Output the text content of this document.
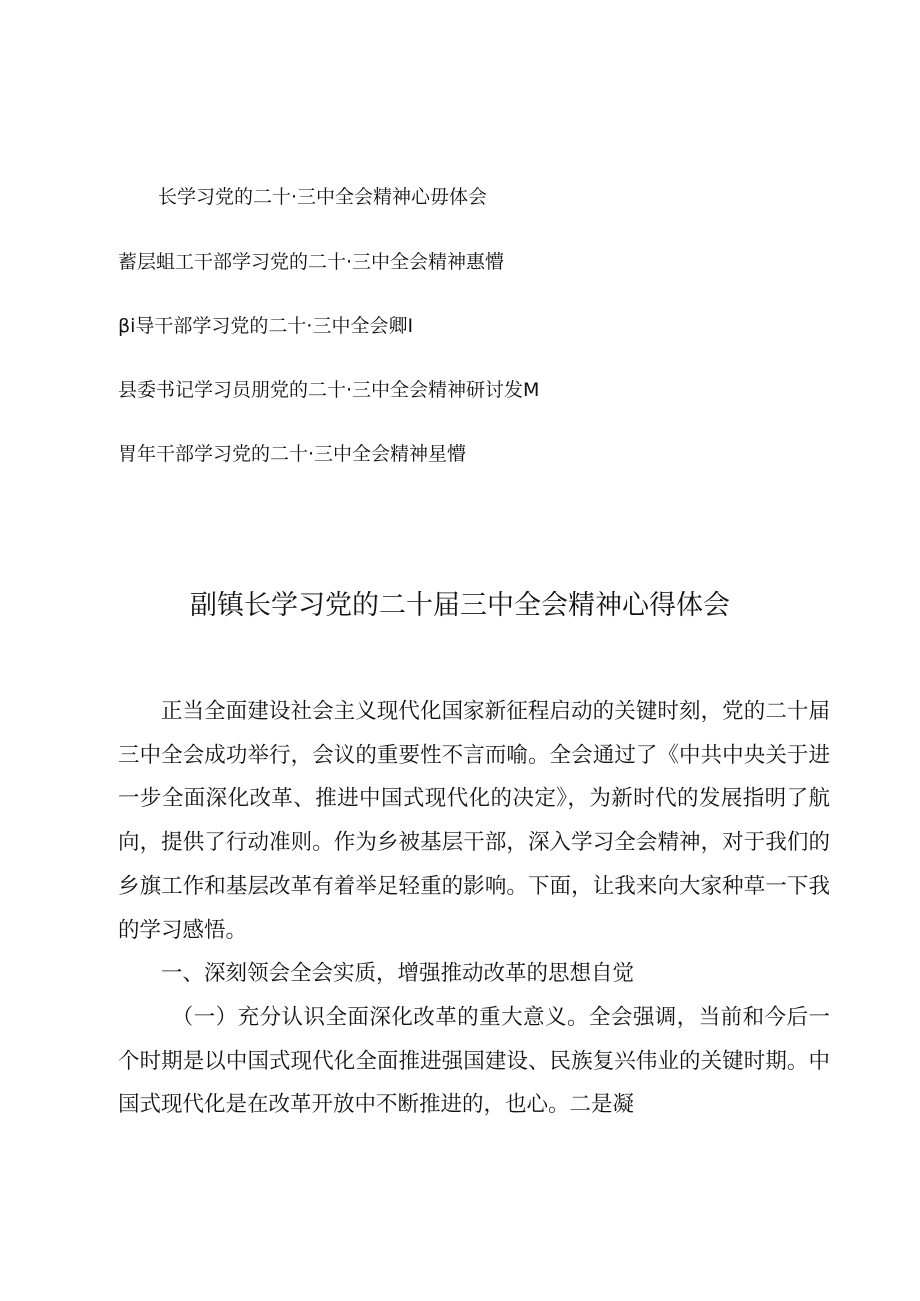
长学习党的二十·三中全会精神心毋体会
蓄层蛆工干部学习党的二十·三中全会精神惠懵
βi导干部学习党的二十·三中全会卿I
县委书记学习员朋党的二十·三中全会精神研讨发M
胃年干部学习党的二十·三中全会精神星懵
副镇长学习党的二十届三中全会精神心得体会

正当全面建设社会主义现代化国家新征程启动的关键时刻，党的二十届三中全会成功举行，会议的重要性不言而喻。全会通过了《中共中央关于进一步全面深化改革、推进中国式现代化的决定》，为新时代的发展指明了航向，提供了行动准则。作为乡被基层干部，深入学习全会精神，对于我们的乡旗工作和基层改革有着举足轻重的影响。下面，让我来向大家种草一下我的学习感悟。

一、深刻领会全会实质，增强推动改革的思想自觉

（一）充分认识全面深化改革的重大意义。全会强调，当前和今后一个时期是以中国式现代化全面推进强国建设、民族复兴伟业的关键时期。中国式现代化是在改革开放中不断推进的，也心。二是凝
